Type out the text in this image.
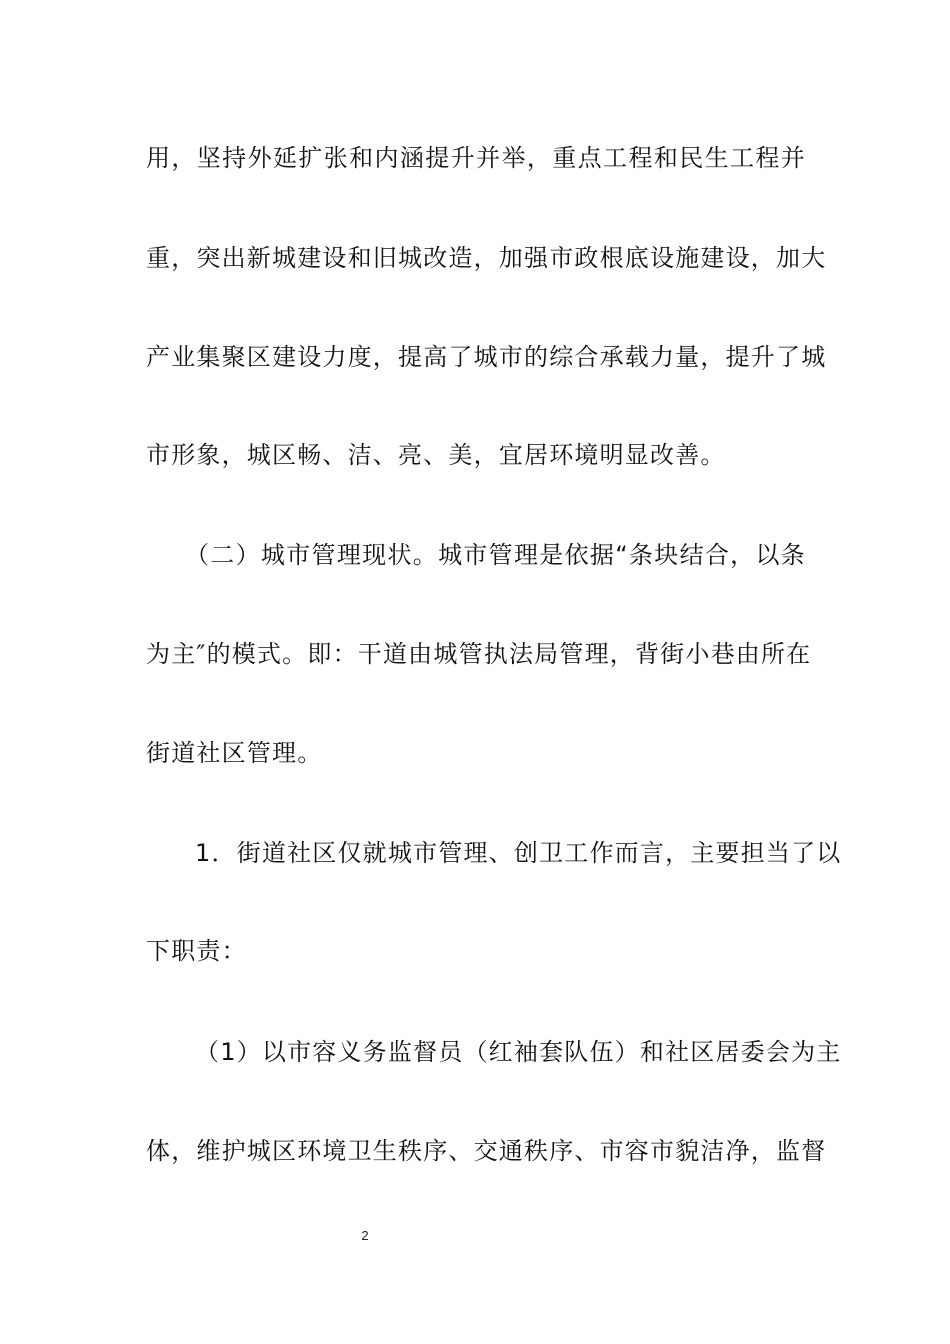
用，坚持外延扩张和内涵提升并举，重点工程和民生工程并
重，突出新城建设和旧城改造，加强市政根底设施建设，加大
产业集聚区建设力度，提高了城市的综合承载力量，提升了城
市形象，城区畅、洁、亮、美，宜居环境明显改善。
（二）城市管理现状。城市管理是依据“条块结合，以条
为主″的模式。即：干道由城管执法局管理，背街小巷由所在
街道社区管理。
1．街道社区仅就城市管理、创卫工作而言，主要担当了以
下职责：
（1）以市容义务监督员（红袖套队伍）和社区居委会为主
体，维护城区环境卫生秩序、交通秩序、市容市貌洁净，监督
2
